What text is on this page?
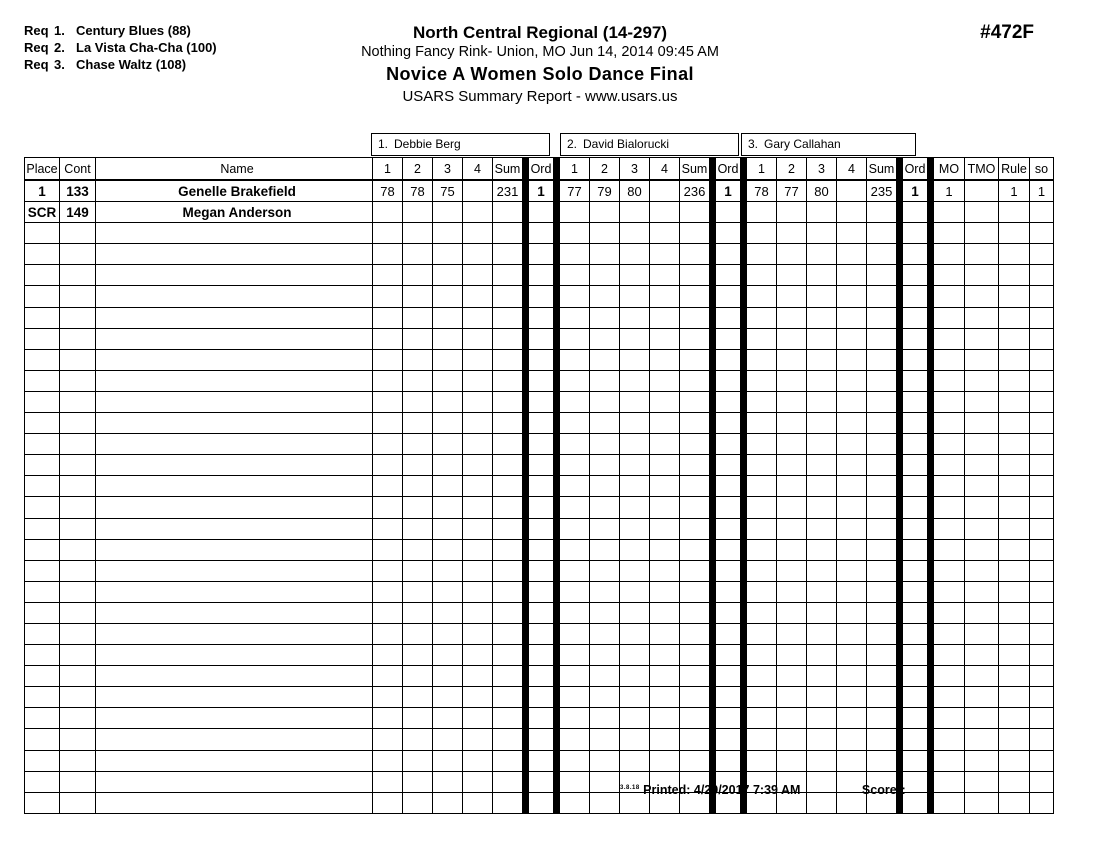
Req 1. Century Blues (88)
Req 2. La Vista Cha-Cha (100)
Req 3. Chase Waltz (108)
North Central Regional (14-297)
Nothing Fancy Rink- Union, MO Jun 14, 2014 09:45 AM
Novice A Women Solo Dance Final
USARS Summary Report - www.usars.us
#472F
1. Debbie Berg	2. David Bialorucki	3. Gary Callahan
Place	Cont	Name	1	2	3	4	Sum		Ord		1	2	3	4	Sum		Ord		1	2	3	4	Sum		Ord		MO	TMO	Rule	so
1	133	Genelle Brakefield	78	78	75		231		1		77	79	80		236		1		78	77	80		235		1		1		1	1
SCR	149	Megan Anderson																												

$^{3.8.18}$ Printed: 4/20/2017 7:39 AM	Scorer:
